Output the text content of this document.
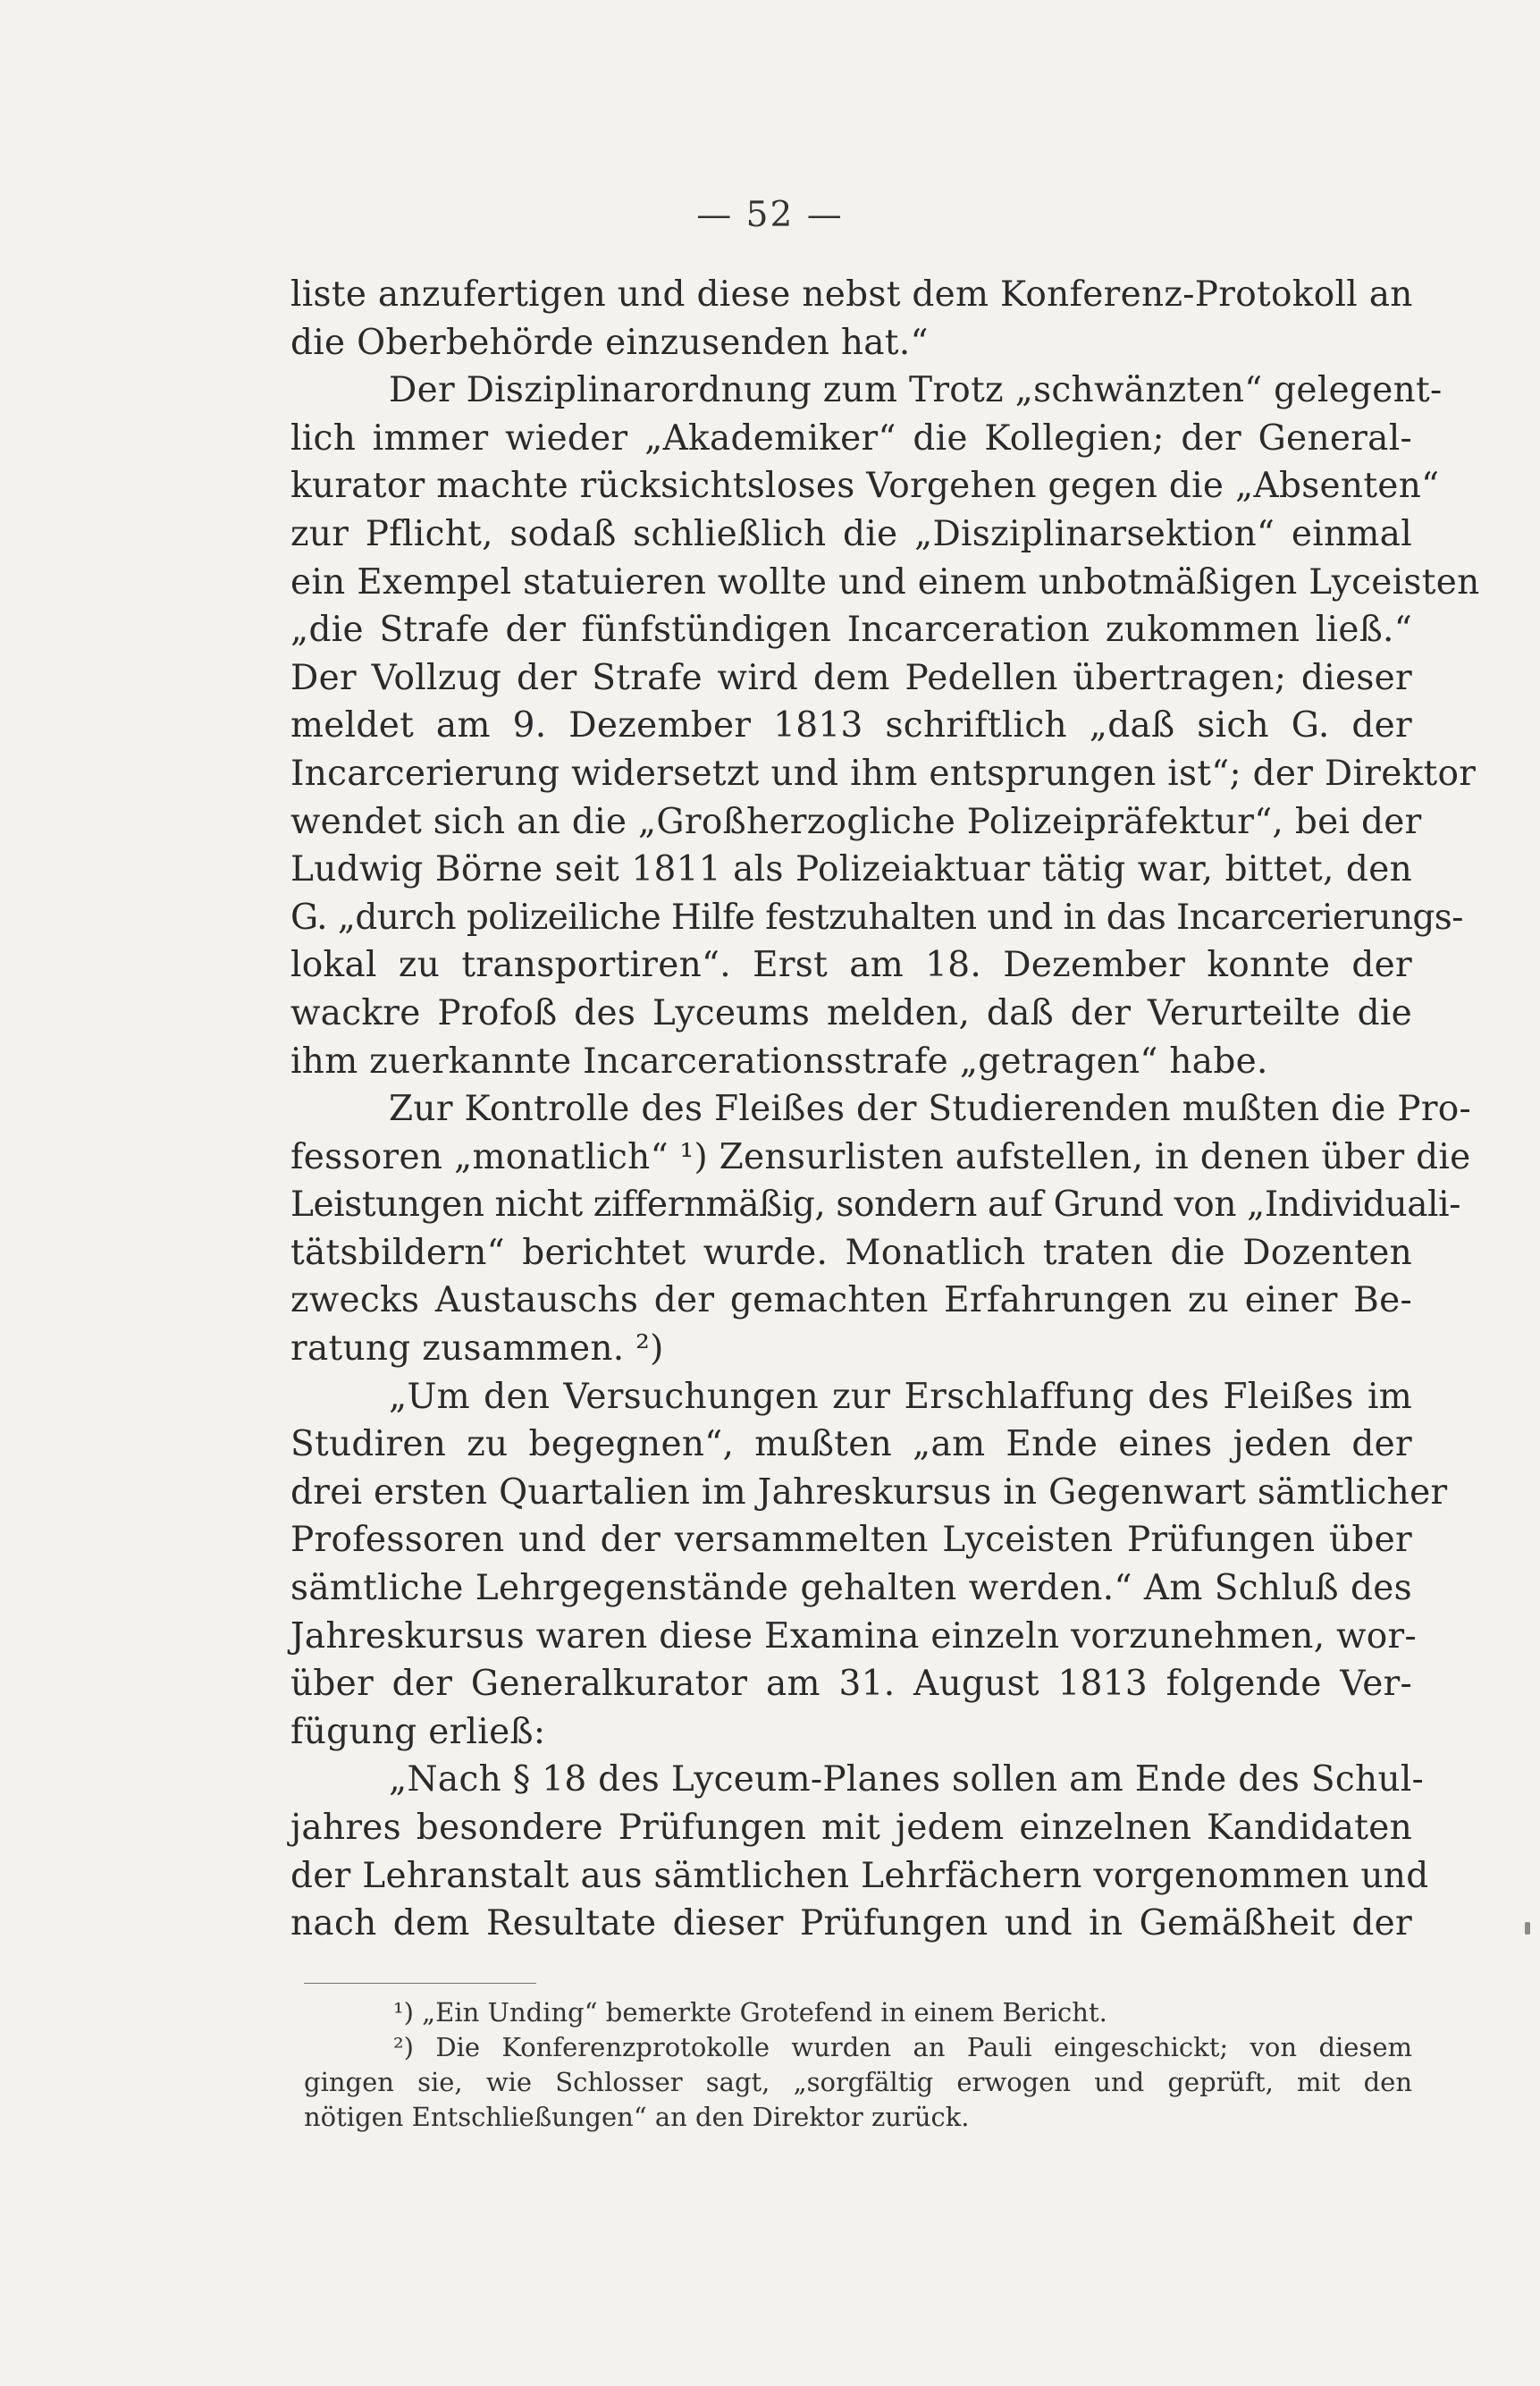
— 52 —
liste anzufertigen und diese nebst dem Konferenz-Protokoll an
die Oberbehörde einzusenden hat.“
Der Disziplinarordnung zum Trotz „schwänzten“ gelegent-
lich immer wieder „Akademiker“ die Kollegien; der General-
kurator machte rücksichtsloses Vorgehen gegen die „Absenten“
zur Pflicht, sodaß schließlich die „Disziplinarsektion“ einmal
ein Exempel statuieren wollte und einem unbotmäßigen Lyceisten
„die Strafe der fünfstündigen Incarceration zukommen ließ.“
Der Vollzug der Strafe wird dem Pedellen übertragen; dieser
meldet am 9. Dezember 1813 schriftlich „daß sich G. der
Incarcerierung widersetzt und ihm entsprungen ist“; der Direktor
wendet sich an die „Großherzogliche Polizeipräfektur“, bei der
Ludwig Börne seit 1811 als Polizeiaktuar tätig war, bittet, den
G. „durch polizeiliche Hilfe festzuhalten und in das Incarcerierungs-
lokal zu transportiren“. Erst am 18. Dezember konnte der
wackre Profoß des Lyceums melden, daß der Verurteilte die
ihm zuerkannte Incarcerationsstrafe „getragen“ habe.
Zur Kontrolle des Fleißes der Studierenden mußten die Pro-
fessoren „monatlich“ ¹) Zensurlisten aufstellen, in denen über die
Leistungen nicht ziffernmäßig, sondern auf Grund von „Individuali-
tätsbildern“ berichtet wurde. Monatlich traten die Dozenten
zwecks Austauschs der gemachten Erfahrungen zu einer Be-
ratung zusammen. ²)
„Um den Versuchungen zur Erschlaffung des Fleißes im
Studiren zu begegnen“, mußten „am Ende eines jeden der
drei ersten Quartalien im Jahreskursus in Gegenwart sämtlicher
Professoren und der versammelten Lyceisten Prüfungen über
sämtliche Lehrgegenstände gehalten werden.“ Am Schluß des
Jahreskursus waren diese Examina einzeln vorzunehmen, wor-
über der Generalkurator am 31. August 1813 folgende Ver-
fügung erließ:
„Nach § 18 des Lyceum-Planes sollen am Ende des Schul-
jahres besondere Prüfungen mit jedem einzelnen Kandidaten
der Lehranstalt aus sämtlichen Lehrfächern vorgenommen und
nach dem Resultate dieser Prüfungen und in Gemäßheit der
¹) „Ein Unding“ bemerkte Grotefend in einem Bericht.
²) Die Konferenzprotokolle wurden an Pauli eingeschickt; von diesem
gingen sie, wie Schlosser sagt, „sorgfältig erwogen und geprüft, mit den
nötigen Entschließungen“ an den Direktor zurück.
